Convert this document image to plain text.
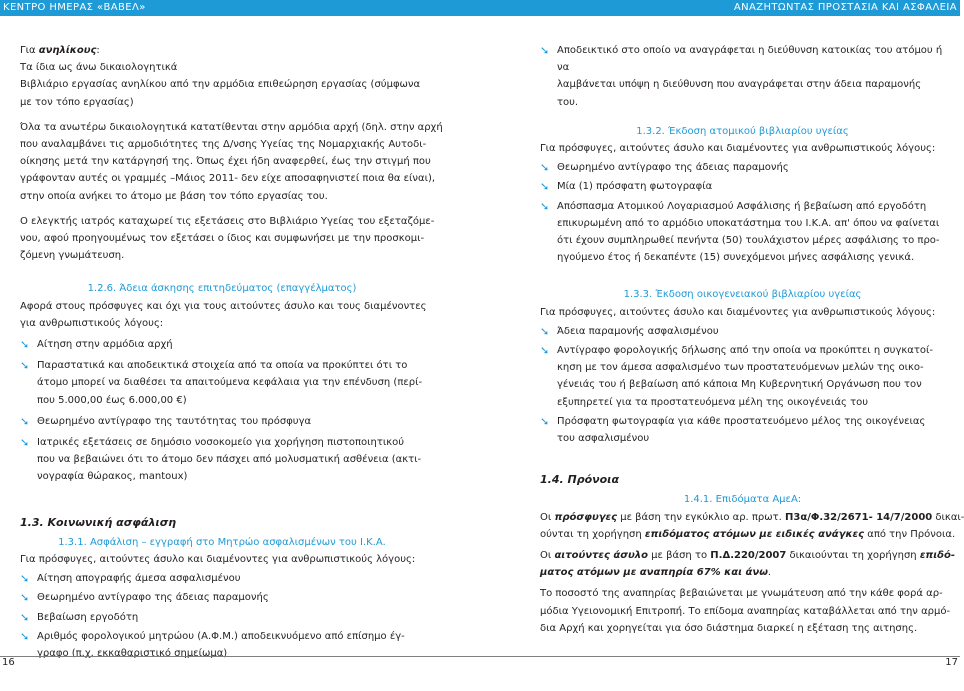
ΚΕΝΤΡΟ ΗΜΕΡΑΣ «ΒΑΒΕΛ»	ΑΝΑΖΗΤΩΝΤΑΣ ΠΡΟΣΤΑΣΙΑ ΚΑΙ ΑΣΦΑΛΕΙΑ

Για ανηλίκους:

Τα ίδια ως άνω δικαιολογητικά

Βιβλιάριο εργασίας ανηλίκου από την αρμόδια επιθεώρηση εργασίας (σύμφωνα

με τον τόπο εργασίας)

Όλα τα ανωτέρω δικαιολογητικά κατατίθενται στην αρμόδια αρχή (δηλ. στην αρχή

που αναλαμβάνει τις αρμοδιότητες της Δ/νσης Υγείας της Νομαρχιακής Αυτοδι-

οίκησης μετά την κατάργησή της. Όπως έχει ήδη αναφερθεί, έως την στιγμή που

γράφονταν αυτές οι γραμμές –Μάιος 2011- δεν είχε αποσαφηνιστεί ποια θα είναι),

στην οποία ανήκει το άτομο με βάση τον τόπο εργασίας του.

Ο ελεγκτής ιατρός καταχωρεί τις εξετάσεις στο Βιβλιάριο Υγείας του εξεταζόμε-

νου, αφού προηγουμένως τον εξετάσει ο ίδιος και συμφωνήσει με την προσκομι-

ζόμενη γνωμάτευση.

1.2.6. Άδεια άσκησης επιτηδεύματος (επαγγέλματος)

Αφορά στους πρόσφυγες και όχι για τους αιτούντες άσυλο και τους διαμένοντες

για ανθρωπιστικούς λόγους:

➘ Αίτηση στην αρμόδια αρχή
➘ Παραστατικά και αποδεικτικά στοιχεία από τα οποία να προκύπτει ότι το
άτομο μπορεί να διαθέσει τα απαιτούμενα κεφάλαια για την επένδυση (περί-
που 5.000,00 έως 6.000,00 €)
➘ Θεωρημένο αντίγραφο της ταυτότητας του πρόσφυγα
➘ Ιατρικές εξετάσεις σε δημόσιο νοσοκομείο για χορήγηση πιστοποιητικού
που να βεβαιώνει ότι το άτομο δεν πάσχει από μολυσματική ασθένεια (ακτι-
νογραφία θώρακος, mantoux)

1.3. Κοινωνική ασφάλιση

1.3.1. Ασφάλιση – εγγραφή στο Μητρώο ασφαλισμένων του Ι.Κ.Α.

Για πρόσφυγες, αιτούντες άσυλο και διαμένοντες για ανθρωπιστικούς λόγους:

➘ Αίτηση απογραφής άμεσα ασφαλισμένου
➘ Θεωρημένο αντίγραφο της άδειας παραμονής
➘ Βεβαίωση εργοδότη
➘ Αριθμός φορολογικού μητρώου (Α.Φ.Μ.) αποδεικνυόμενο από επίσημο έγ-
γραφο (π.χ. εκκαθαριστικό σημείωμα)
➘ Αποδεικτικό στο οποίο να αναγράφεται η διεύθυνση κατοικίας του ατόμου ή να
λαμβάνεται υπόψη η διεύθυνση που αναγράφεται στην άδεια παραμονής του.

1.3.2. Έκδοση ατομικού βιβλιαρίου υγείας

Για πρόσφυγες, αιτούντες άσυλο και διαμένοντες για ανθρωπιστικούς λόγους:

➘ Θεωρημένο αντίγραφο της άδειας παραμονής
➘ Μία (1) πρόσφατη φωτογραφία
➘ Απόσπασμα Ατομικού Λογαριασμού Ασφάλισης ή βεβαίωση από εργοδότη
επικυρωμένη από το αρμόδιο υποκατάστημα του Ι.Κ.Α. απ' όπου να φαίνεται
ότι έχουν συμπληρωθεί πενήντα (50) τουλάχιστον μέρες ασφάλισης το προ-
ηγούμενο έτος ή δεκαπέντε (15) συνεχόμενοι μήνες ασφάλισης γενικά.

1.3.3. Έκδοση οικογενειακού βιβλιαρίου υγείας

Για πρόσφυγες, αιτούντες άσυλο και διαμένοντες για ανθρωπιστικούς λόγους:

➘ Άδεια παραμονής ασφαλισμένου
➘ Αντίγραφο φορολογικής δήλωσης από την οποία να προκύπτει η συγκατοί-
κηση με τον άμεσα ασφαλισμένο των προστατευόμενων μελών της οικο-
γένειάς του ή βεβαίωση από κάποια Μη Κυβερνητική Οργάνωση που τον
εξυπηρετεί για τα προστατευόμενα μέλη της οικογένειάς του
➘ Πρόσφατη φωτογραφία για κάθε προστατευόμενο μέλος της οικογένειας
του ασφαλισμένου

1.4. Πρόνοια

1.4.1. Επιδόματα ΑμεΑ:

Οι πρόσφυγες με βάση την εγκύκλιο αρ. πρωτ. Π3α/Φ.32/2671- 14/7/2000 δικαι-

ούνται τη χορήγηση επιδόματος ατόμων με ειδικές ανάγκες από την Πρόνοια.

Οι αιτούντες άσυλο με βάση το Π.Δ.220/2007 δικαιούνται τη χορήγηση επιδό-

ματος ατόμων με αναπηρία 67% και άνω.

Το ποσοστό της αναπηρίας βεβαιώνεται με γνωμάτευση από την κάθε φορά αρ-

μόδια Υγειονομική Επιτροπή. Το επίδομα αναπηρίας καταβάλλεται από την αρμό-

δια Αρχή και χορηγείται για όσο διάστημα διαρκεί η εξέταση της αιτησης.

16	17
